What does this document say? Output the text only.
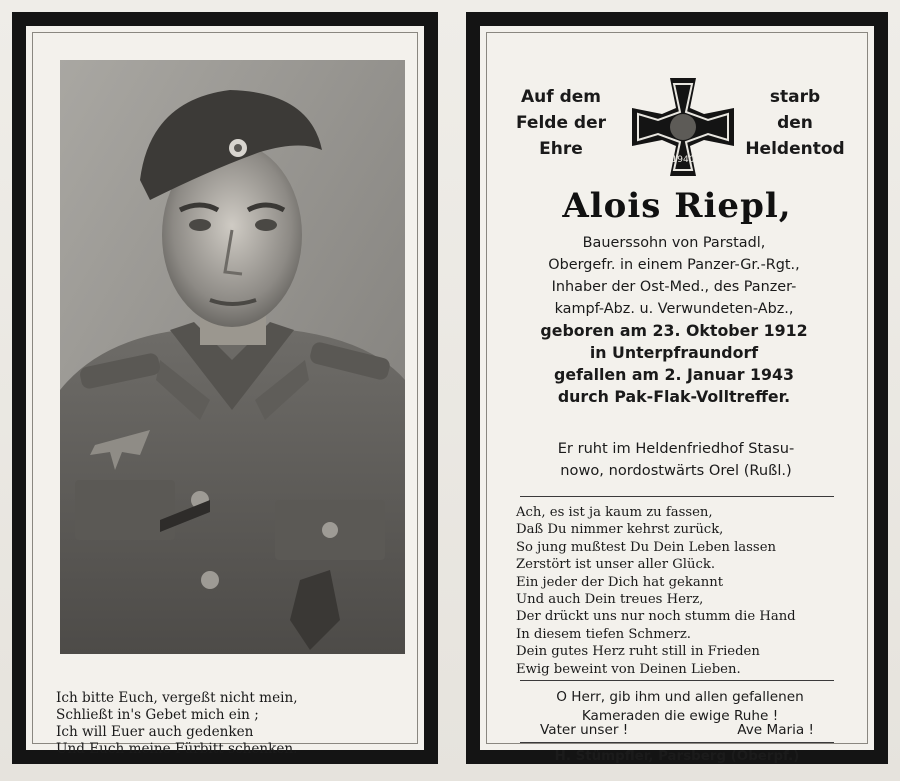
Ich bitte Euch, vergeßt nicht mein,
Schließt in's Gebet mich ein ;
Ich will Euer auch gedenken
Und Euch meine Fürbitt schenken.
Auf dem
Felde der
Ehre
1940
starb
den
Heldentod
Alois Riepl,
Bauerssohn von Parstadl,
Obergefr. in einem Panzer-Gr.-Rgt.,
Inhaber der Ost-Med., des Panzer-
kampf-Abz. u. Verwundeten-Abz.,
geboren am 23. Oktober 1912
in Unterpfraundorf
gefallen am 2. Januar 1943
durch Pak-Flak-Volltreffer.
Er ruht im Heldenfriedhof Stasu-
nowo, nordostwärts Orel (Rußl.)
Ach, es ist ja kaum zu fassen,
Daß Du nimmer kehrst zurück,
So jung mußtest Du Dein Leben lassen
Zerstört ist unser aller Glück.
Ein jeder der Dich hat gekannt
Und auch Dein treues Herz,
Der drückt uns nur noch stumm die Hand
In diesem tiefen Schmerz.
Dein gutes Herz ruht still in Frieden
Ewig beweint von Deinen Lieben.
O Herr, gib ihm und allen gefallenen
Kameraden die ewige Ruhe !
Vater unser !	Ave Maria !
H. Stümpfler, Parsberg (Oberpf.)
